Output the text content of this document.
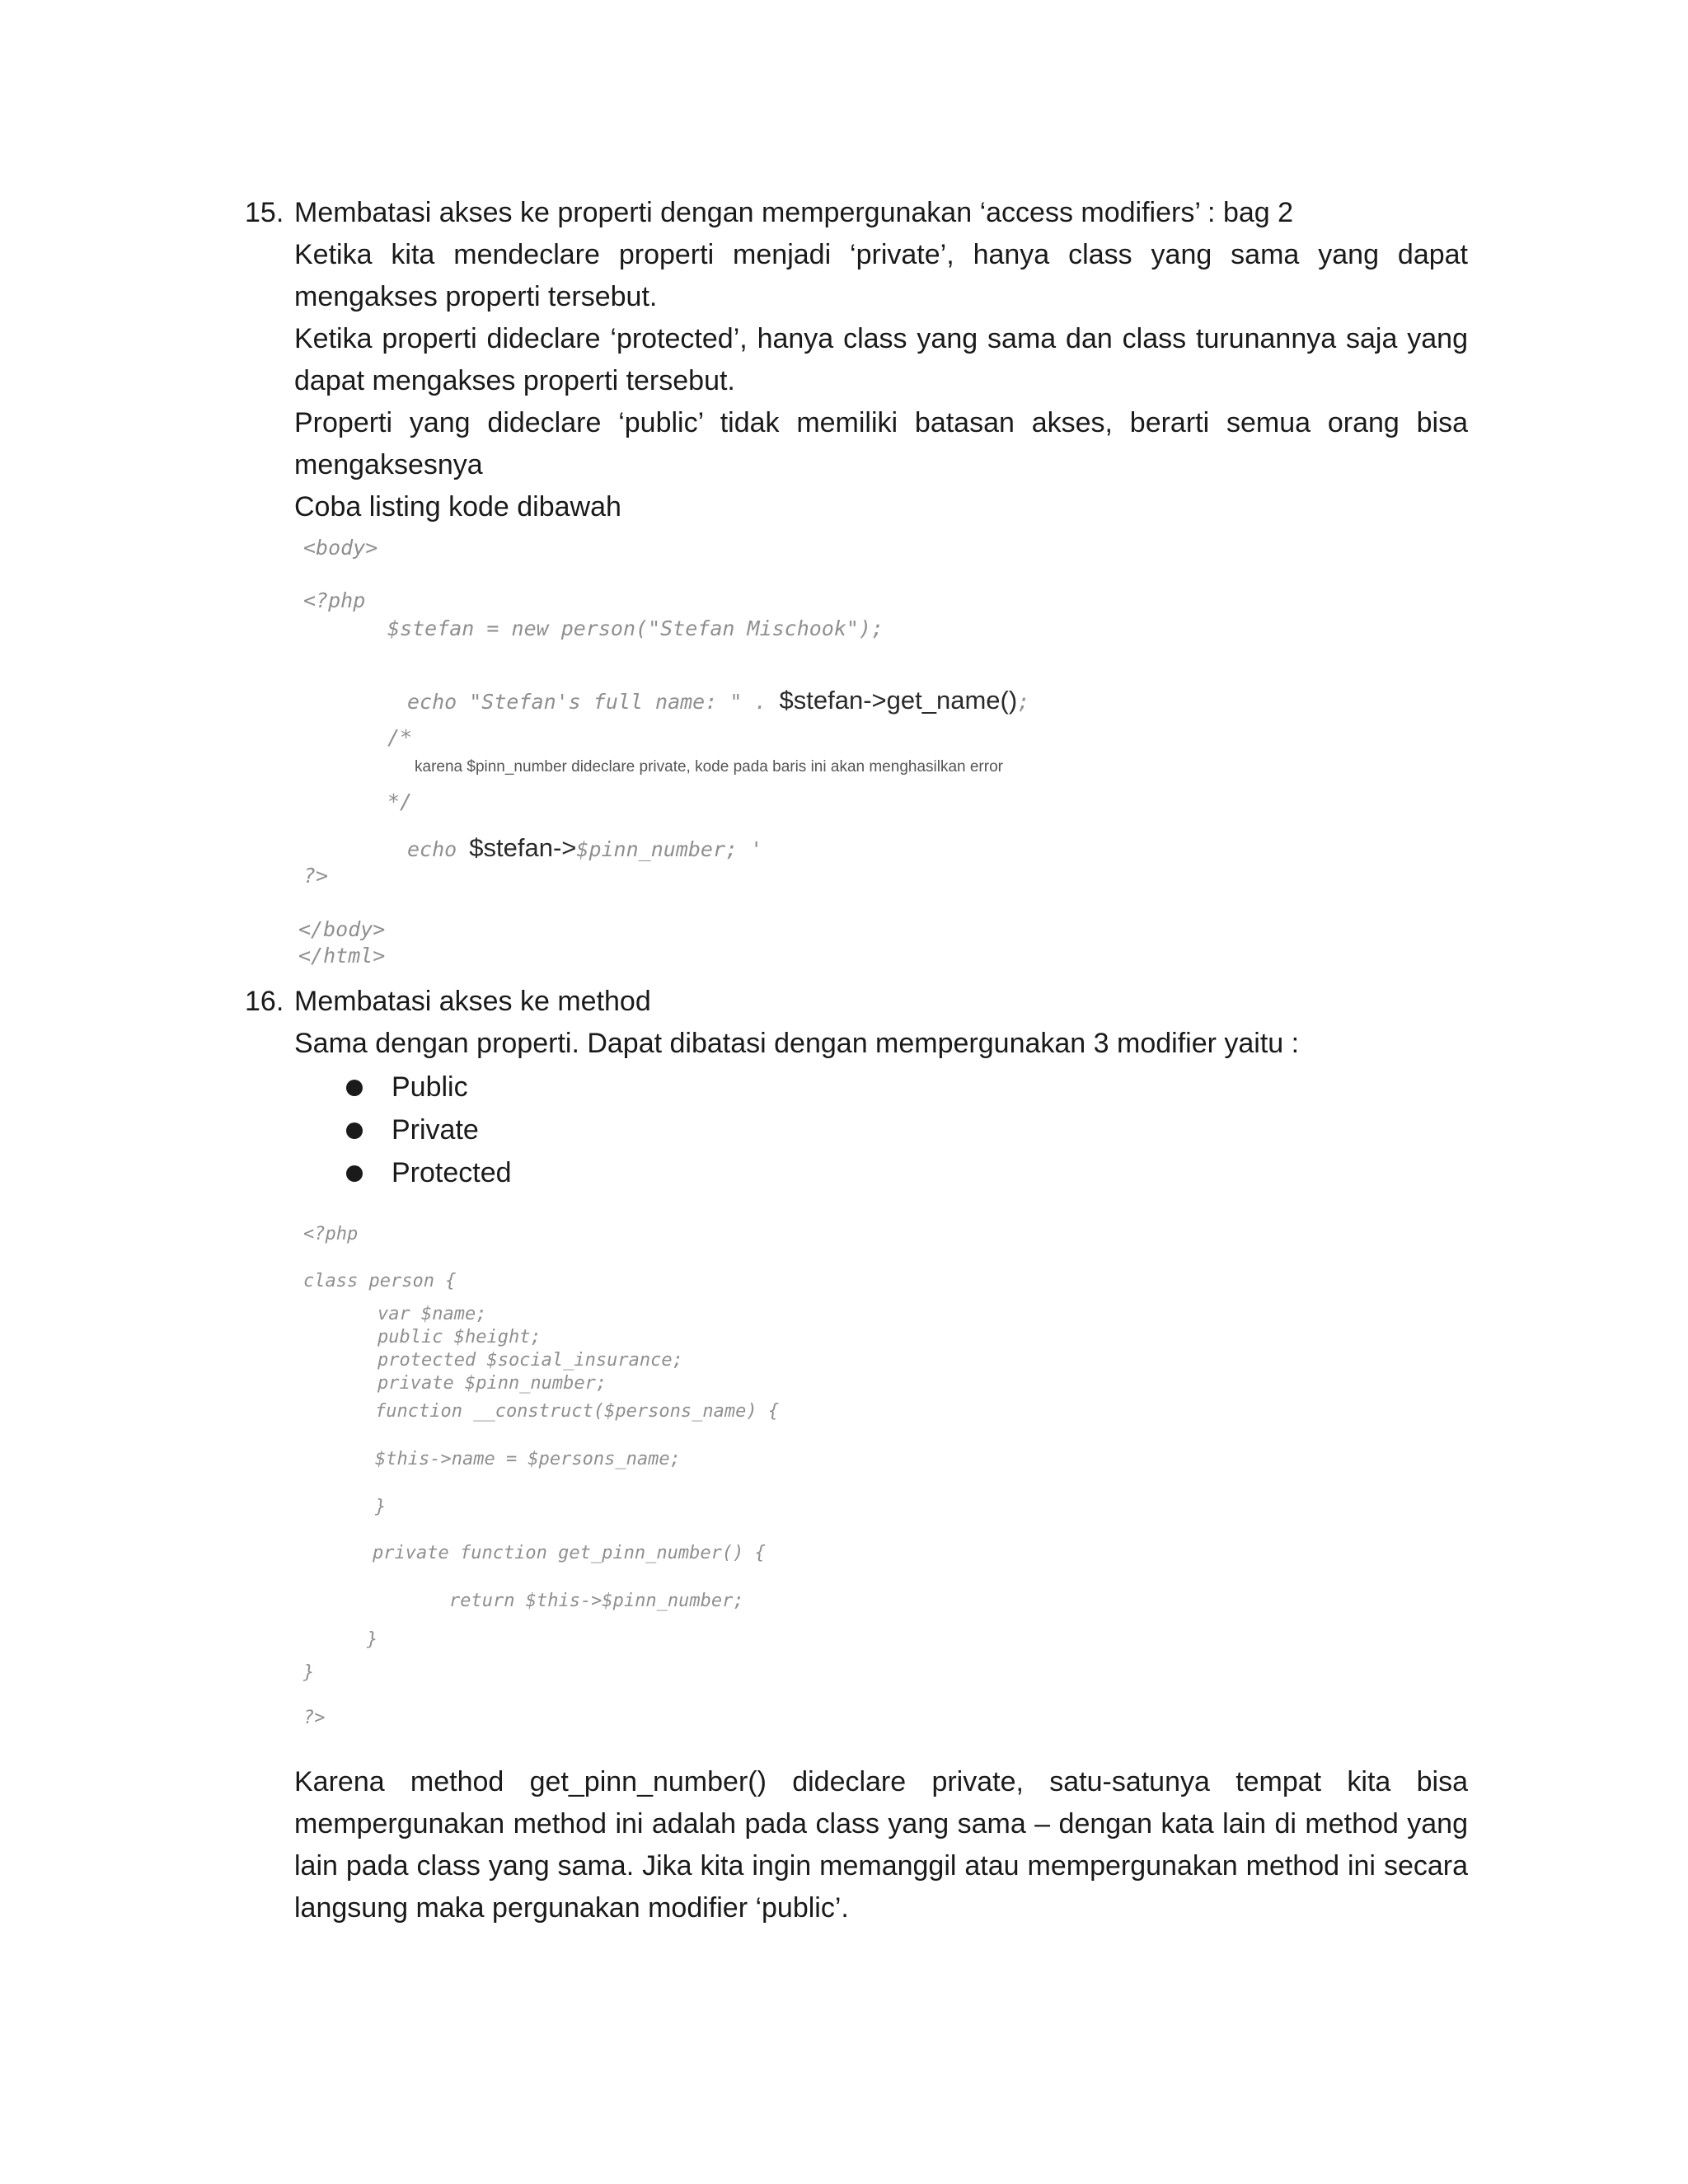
15. Membatasi akses ke properti dengan mempergunakan ‘access modifiers’ : bag 2

Ketika kita mendeclare properti menjadi ‘private’, hanya class yang sama yang dapat mengakses properti tersebut.

Ketika properti dideclare ‘protected’, hanya class yang sama dan class turunannya saja yang dapat mengakses properti tersebut.

Properti yang dideclare ‘public’ tidak memiliki batasan akses, berarti semua orang bisa mengaksesnya

Coba listing kode dibawah

<body>
<?php
$stefan = new person("Stefan Mischook");

echo "Stefan's full name: " . $stefan->get_name();

/*
karena $pinn_number dideclare private, kode pada baris ini akan menghasilkan error
*/

echo $stefan->$pinn_number; '

?>
</body>
</html>
16. Membatasi akses ke method

Sama dengan properti. Dapat dibatasi dengan mempergunakan 3 modifier yaitu :

Public
Private
Protected
<?php
class person {
var $name;
public $height;
protected $social_insurance;
private $pinn_number;
function __construct($persons_name) {
$this->name = $persons_name;
}
private function get_pinn_number() {
return $this->$pinn_number;
}
}
?>

Karena method get_pinn_number() dideclare private, satu-satunya tempat kita bisa mempergunakan method ini adalah pada class yang sama – dengan kata lain di method yang lain pada class yang sama. Jika kita ingin memanggil atau mempergunakan method ini secara langsung maka pergunakan modifier ‘public’.
